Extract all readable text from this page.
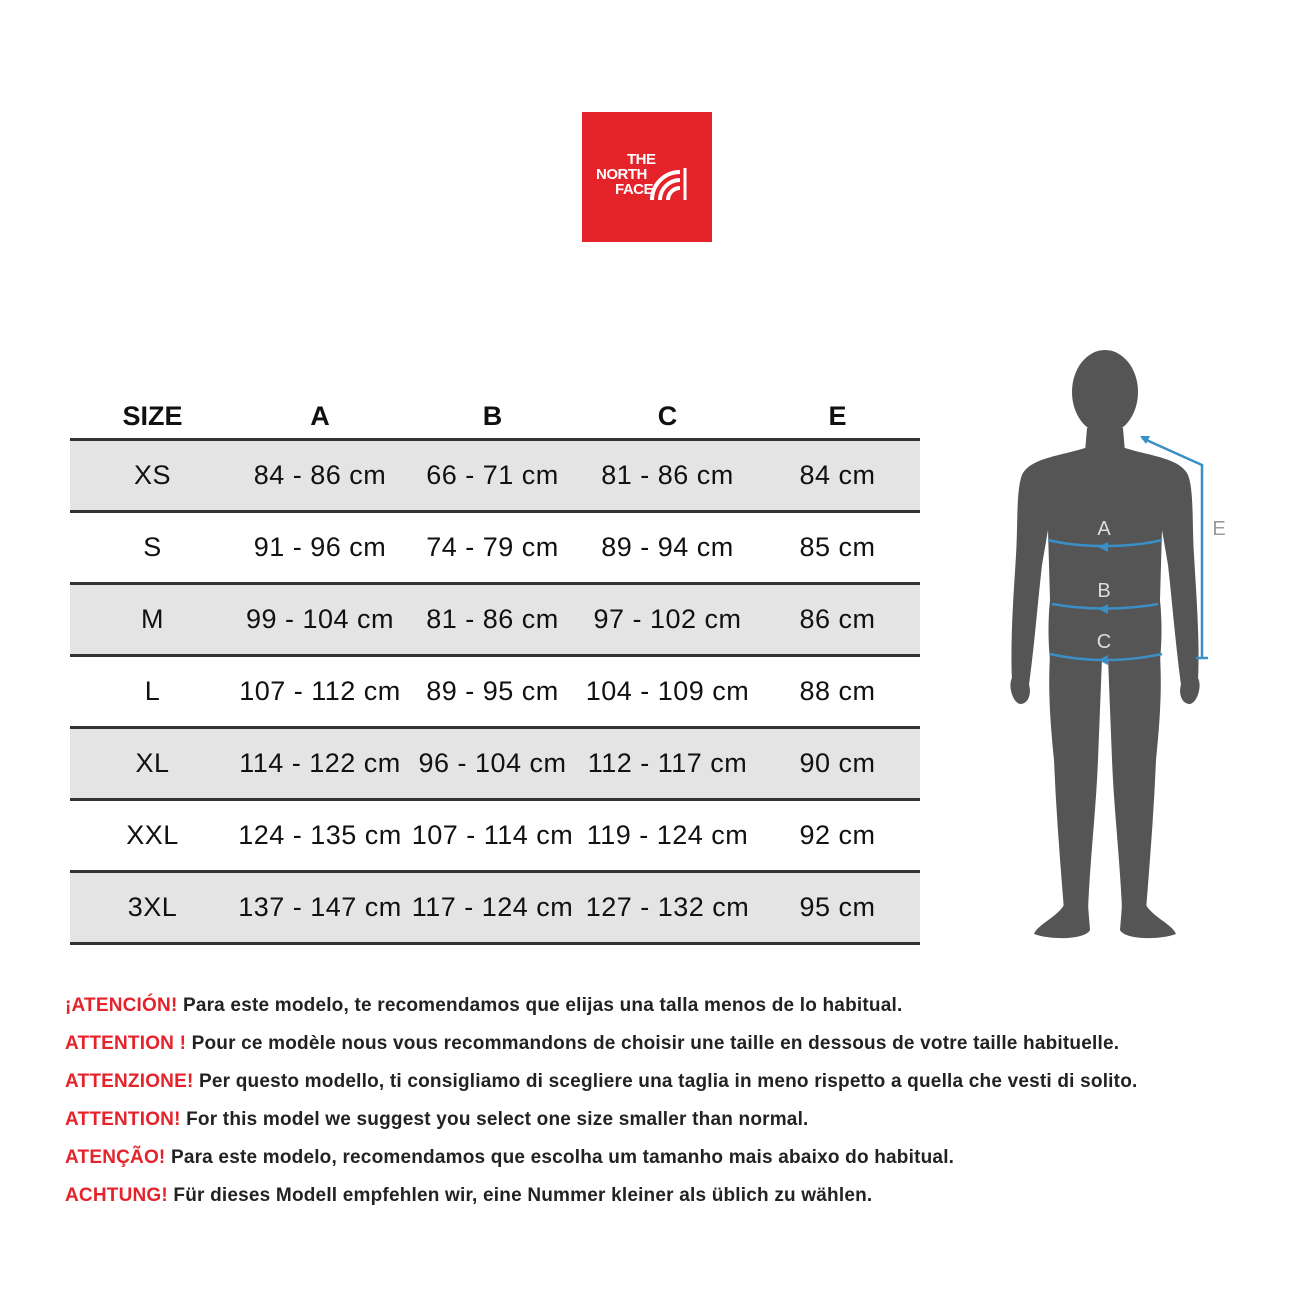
THE
NORTH
FACE
SIZE	A	B	C	E
XS	84 - 86 cm	66 - 71 cm	81 - 86 cm	84 cm
S	91 - 96 cm	74 - 79 cm	89 - 94 cm	85 cm
M	99 - 104 cm	81 - 86 cm	97 - 102 cm	86 cm
L	107 - 112 cm	89 - 95 cm	104 - 109 cm	88 cm
XL	114 - 122 cm	96 - 104 cm	112 - 117 cm	90 cm
XXL	124 - 135 cm	107 - 114 cm	119 - 124 cm	92 cm
3XL	137 - 147 cm	117 - 124 cm	127 - 132 cm	95 cm
A
B
C
E
¡ATENCIÓN! Para este modelo, te recomendamos que elijas una talla menos de lo habitual.
ATTENTION ! Pour ce modèle nous vous recommandons de choisir une taille en dessous de votre taille habituelle.
ATTENZIONE! Per questo modello, ti consigliamo di scegliere una taglia in meno rispetto a quella che vesti di solito.
ATTENTION! For this model we suggest you select one size smaller than normal.
ATENÇÃO! Para este modelo, recomendamos que escolha um tamanho mais abaixo do habitual.
ACHTUNG! Für dieses Modell empfehlen wir, eine Nummer kleiner als üblich zu wählen.
